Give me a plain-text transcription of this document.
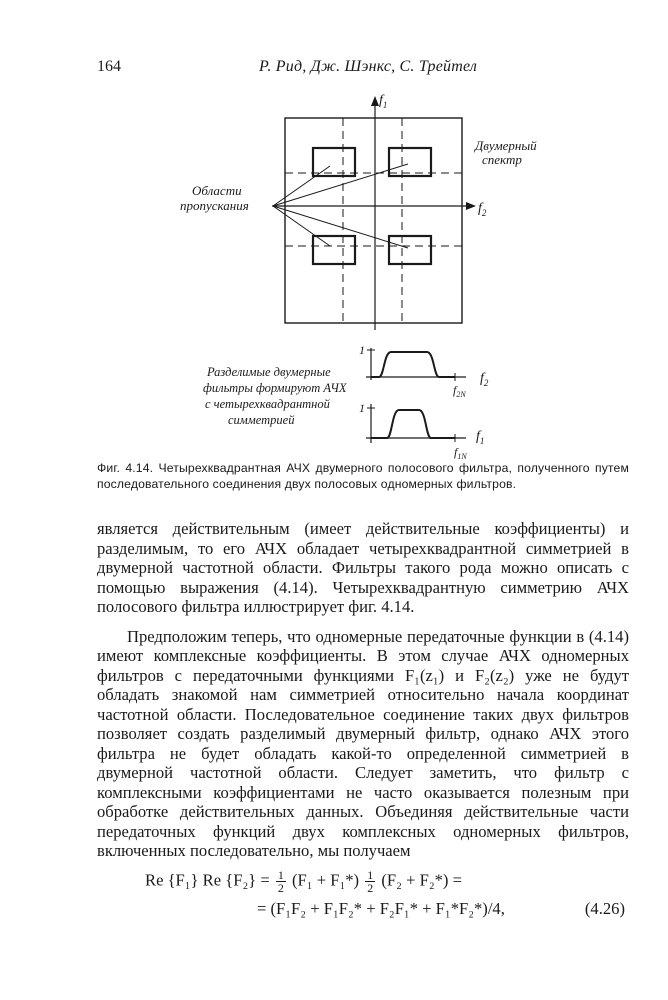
164	Р. Рид, Дж. Шэнкс, С. Трейтел
$f_1$
$f_2$
Двумерный спектр
Области пропускания
1
$f_2$
$f_{2N}$
1
$f_1$
$f_{1N}$
Разделимые двумерные фильтры формируют АЧХ с четырехквадрантной симметрией
Фиг. 4.14. Четырехквадрантная АЧХ двумерного полосового фильтра, полученного путем последовательного соединения двух полосовых одномерных фильтров.

является действительным (имеет действительные коэффициенты) и разделимым, то его АЧХ обладает четырехквадрантной симметрией в двумерной частотной области. Фильтры такого рода можно описать с помощью выражения (4.14). Четырехквадрантную симметрию АЧХ полосового фильтра иллюстрирует фиг. 4.14.

Предположим теперь, что одномерные передаточные функции в (4.14) имеют комплексные коэффициенты. В этом случае АЧХ одномерных фильтров с передаточными функциями F₁(z₁) и F₂(z₂) уже не будут обладать знакомой нам симметрией относительно начала координат частотной области. Последовательное соединение таких двух фильтров позволяет создать разделимый двумерный фильтр, однако АЧХ этого фильтра не будет обладать какой-то определенной симметрией в двумерной частотной области. Следует заметить, что фильтр с комплексными коэффициентами не часто оказывается полезным при обработке действительных данных. Объединяя действительные части передаточных функций двух комплексных одномерных фильтров, включенных последовательно, мы получаем

Re {F₁} Re $\{F_2\} = \frac{1}{2} (F_1 + F_1*) \frac{1}{2} (F_2 + F_2*)$ =
= (F₁F₂ + F₁F₂* + F₂F₁* + F₁*F₂*)/4,	(4.26)
